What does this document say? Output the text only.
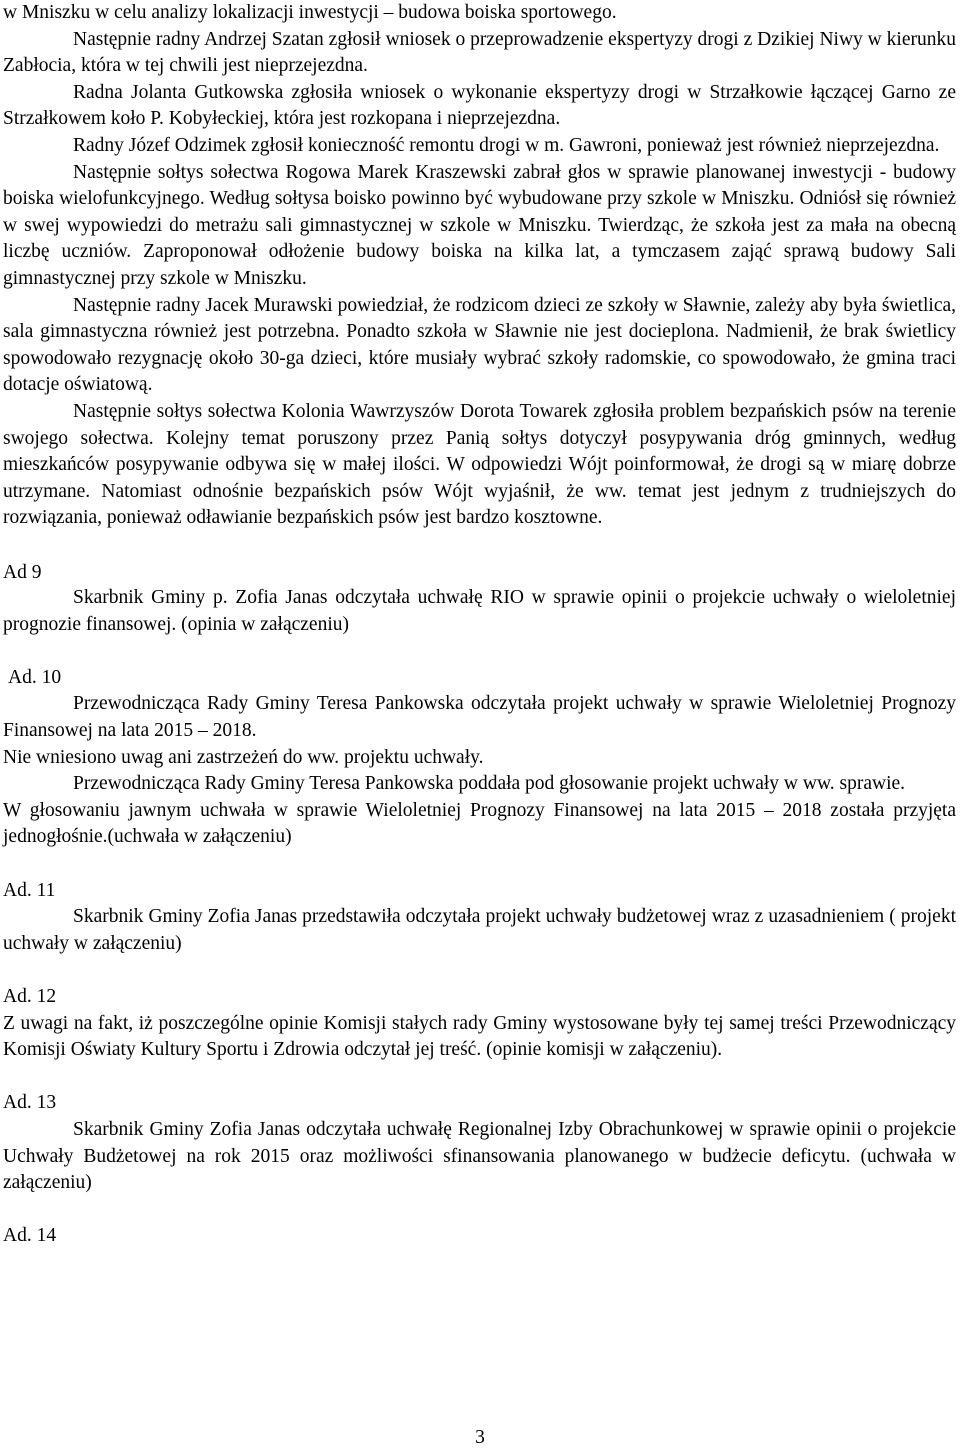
w Mniszku w celu analizy lokalizacji inwestycji – budowa boiska sportowego.

Następnie radny Andrzej Szatan zgłosił wniosek o przeprowadzenie ekspertyzy drogi z Dzikiej Niwy w kierunku Zabłocia, która w tej chwili jest nieprzejezdna.

Radna Jolanta Gutkowska zgłosiła wniosek o wykonanie ekspertyzy drogi w Strzałkowie łączącej Garno ze Strzałkowem koło P. Kobyłeckiej, która jest rozkopana i nieprzejezdna.

Radny Józef Odzimek zgłosił konieczność remontu drogi w m. Gawroni, ponieważ jest również nieprzejezdna.

Następnie sołtys sołectwa Rogowa Marek Kraszewski zabrał głos w sprawie planowanej inwestycji - budowy boiska wielofunkcyjnego. Według sołtysa boisko powinno być wybudowane przy szkole w Mniszku. Odniósł się również w swej wypowiedzi do metrażu sali gimnastycznej w szkole w Mniszku. Twierdząc, że szkoła jest za mała na obecną liczbę uczniów. Zaproponował odłożenie budowy boiska na kilka lat, a tymczasem zająć sprawą budowy Sali gimnastycznej przy szkole w Mniszku.

Następnie radny Jacek Murawski powiedział, że rodzicom dzieci ze szkoły w Sławnie, zależy aby była świetlica, sala gimnastyczna również jest potrzebna. Ponadto szkoła w Sławnie nie jest docieplona. Nadmienił, że brak świetlicy spowodowało rezygnację około 30-ga dzieci, które musiały wybrać szkoły radomskie, co spowodowało, że gmina traci dotacje oświatową.

Następnie sołtys sołectwa Kolonia Wawrzyszów Dorota Towarek zgłosiła problem bezpańskich psów na terenie swojego sołectwa. Kolejny temat poruszony przez Panią sołtys dotyczył posypywania dróg gminnych, według mieszkańców posypywanie odbywa się w małej ilości. W odpowiedzi Wójt poinformował, że drogi są w miarę dobrze utrzymane. Natomiast odnośnie bezpańskich psów Wójt wyjaśnił, że ww. temat jest jednym z trudniejszych do rozwiązania, ponieważ odławianie bezpańskich psów jest bardzo kosztowne.

Ad 9

Skarbnik Gminy p. Zofia Janas odczytała uchwałę RIO w sprawie opinii o projekcie uchwały o wieloletniej prognozie finansowej. (opinia w załączeniu)

Ad. 10

Przewodnicząca Rady Gminy Teresa Pankowska odczytała projekt uchwały w sprawie Wieloletniej Prognozy Finansowej na lata 2015 – 2018.

Nie wniesiono uwag ani zastrzeżeń do ww. projektu uchwały.

Przewodnicząca Rady Gminy Teresa Pankowska poddała pod głosowanie projekt uchwały w ww. sprawie.

W głosowaniu jawnym uchwała w sprawie Wieloletniej Prognozy Finansowej na lata 2015 – 2018 została przyjęta jednogłośnie.(uchwała w załączeniu)

Ad. 11

Skarbnik Gminy Zofia Janas przedstawiła odczytała projekt uchwały budżetowej wraz z uzasadnieniem ( projekt uchwały w załączeniu)

Ad. 12

Z uwagi na fakt, iż poszczególne opinie Komisji stałych rady Gminy wystosowane były tej samej treści Przewodniczący Komisji Oświaty Kultury Sportu i Zdrowia odczytał jej treść. (opinie komisji w załączeniu).

Ad. 13

Skarbnik Gminy Zofia Janas odczytała uchwałę Regionalnej Izby Obrachunkowej w sprawie opinii o projekcie Uchwały Budżetowej na rok 2015 oraz możliwości sfinansowania planowanego w budżecie deficytu. (uchwała w załączeniu)

Ad. 14

3
